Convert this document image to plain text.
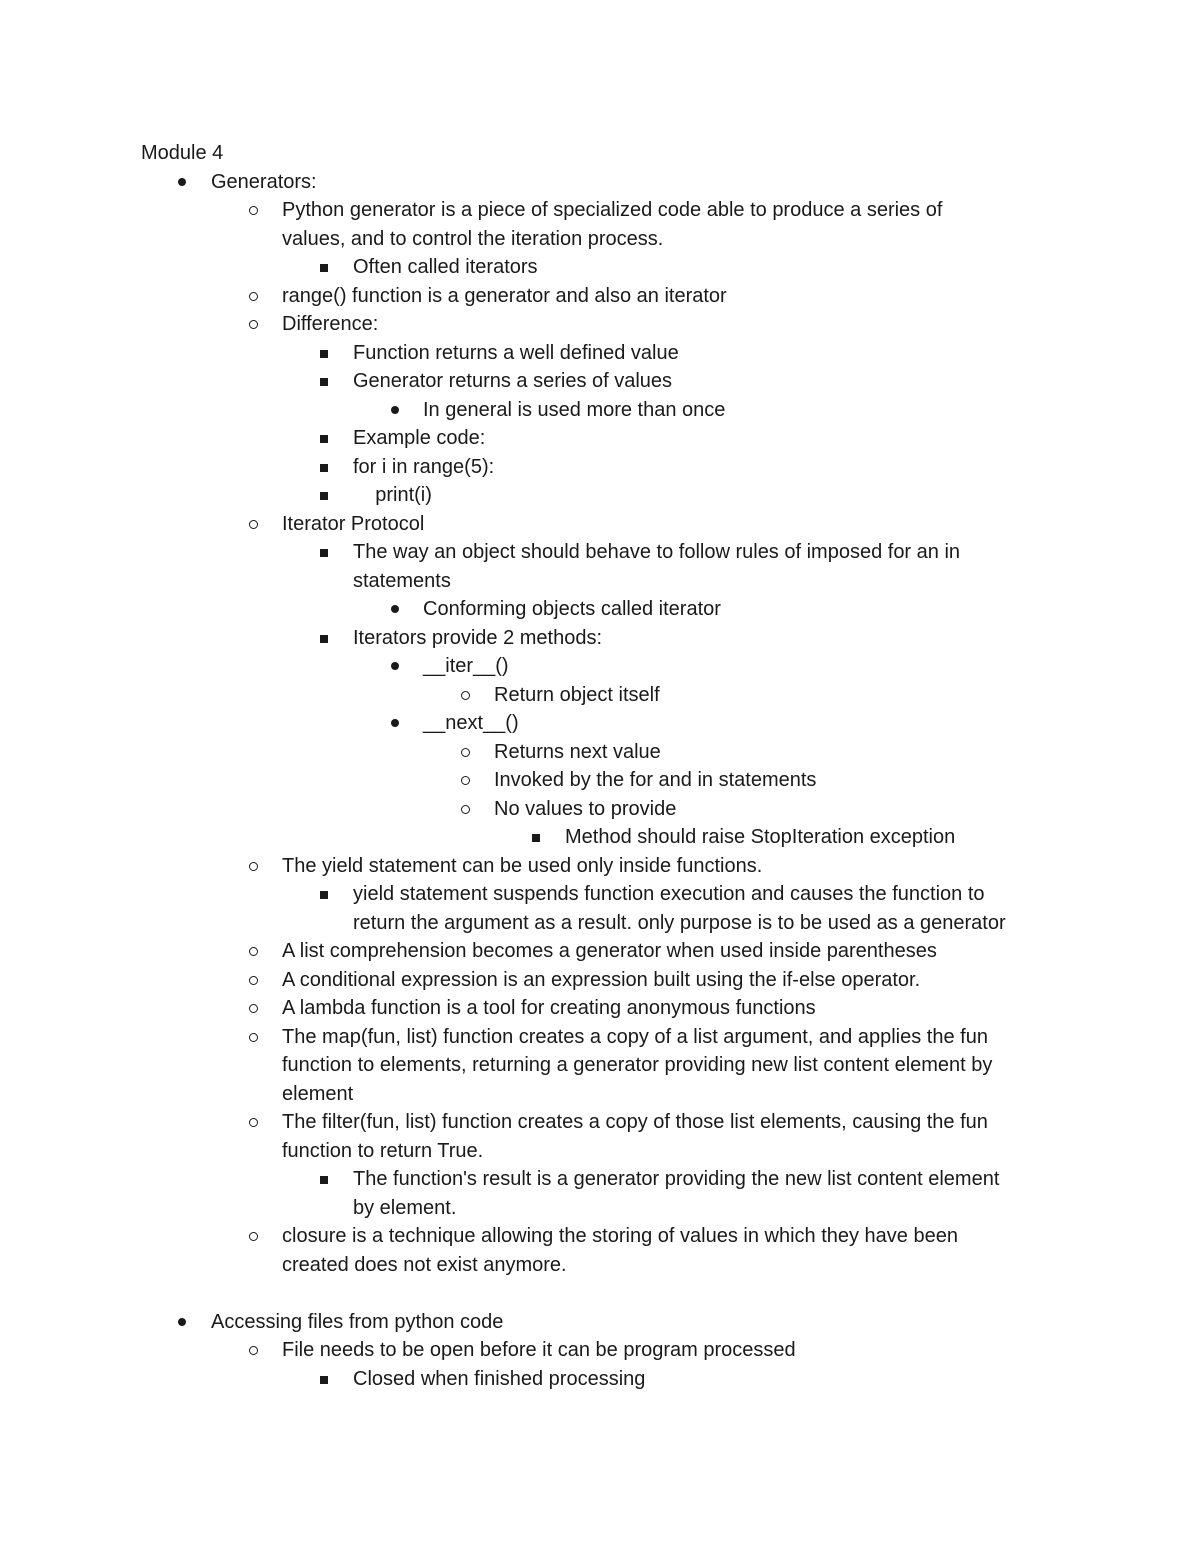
Module 4
Generators:
Python generator is a piece of specialized code able to produce a series of
values, and to control the iteration process.
Often called iterators
range() function is a generator and also an iterator
Difference:
Function returns a well defined value
Generator returns a series of values
In general is used more than once
Example code:
for i in range(5):
print(i)
Iterator Protocol
The way an object should behave to follow rules of imposed for an in
statements
Conforming objects called iterator
Iterators provide 2 methods:
__iter__()
Return object itself
__next__()
Returns next value
Invoked by the for and in statements
No values to provide
Method should raise StopIteration exception
The yield statement can be used only inside functions.
yield statement suspends function execution and causes the function to
return the argument as a result. only purpose is to be used as a generator
A list comprehension becomes a generator when used inside parentheses
A conditional expression is an expression built using the if-else operator.
A lambda function is a tool for creating anonymous functions
The map(fun, list) function creates a copy of a list argument, and applies the fun
function to elements, returning a generator providing new list content element by
element
The filter(fun, list) function creates a copy of those list elements, causing the fun
function to return True.
The function's result is a generator providing the new list content element
by element.
closure is a technique allowing the storing of values in which they have been
created does not exist anymore.
Accessing files from python code
File needs to be open before it can be program processed
Closed when finished processing
